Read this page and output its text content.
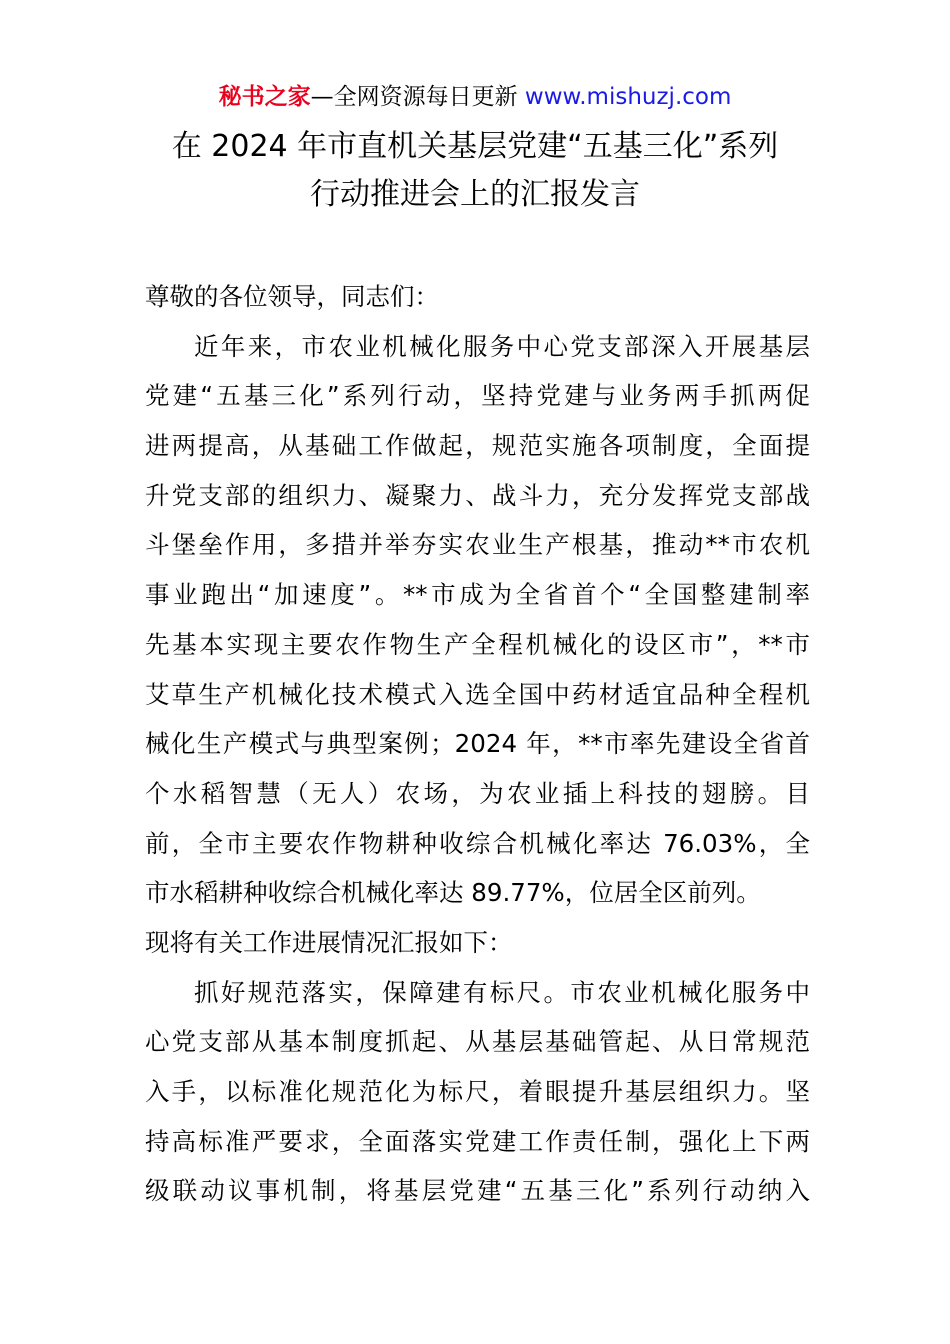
秘书之家—全网资源每日更新 www.mishuzj.com
在 2024 年市直机关基层党建“五基三化”系列
行动推进会上的汇报发言
尊敬的各位领导，同志们：
近年来，市农业机械化服务中心党支部深入开展基层
党建“五基三化”系列行动，坚持党建与业务两手抓两促
进两提高，从基础工作做起，规范实施各项制度，全面提
升党支部的组织力、凝聚力、战斗力，充分发挥党支部战
斗堡垒作用，多措并举夯实农业生产根基，推动**市农机
事业跑出“加速度”。**市成为全省首个“全国整建制率
先基本实现主要农作物生产全程机械化的设区市”，**市
艾草生产机械化技术模式入选全国中药材适宜品种全程机
械化生产模式与典型案例；2024 年，**市率先建设全省首
个水稻智慧（无人）农场，为农业插上科技的翅膀。目
前，全市主要农作物耕种收综合机械化率达 76.03%，全
市水稻耕种收综合机械化率达 89.77%，位居全区前列。
现将有关工作进展情况汇报如下：
抓好规范落实，保障建有标尺。市农业机械化服务中
心党支部从基本制度抓起、从基层基础管起、从日常规范
入手，以标准化规范化为标尺，着眼提升基层组织力。坚
持高标准严要求，全面落实党建工作责任制，强化上下两
级联动议事机制，将基层党建“五基三化”系列行动纳入
